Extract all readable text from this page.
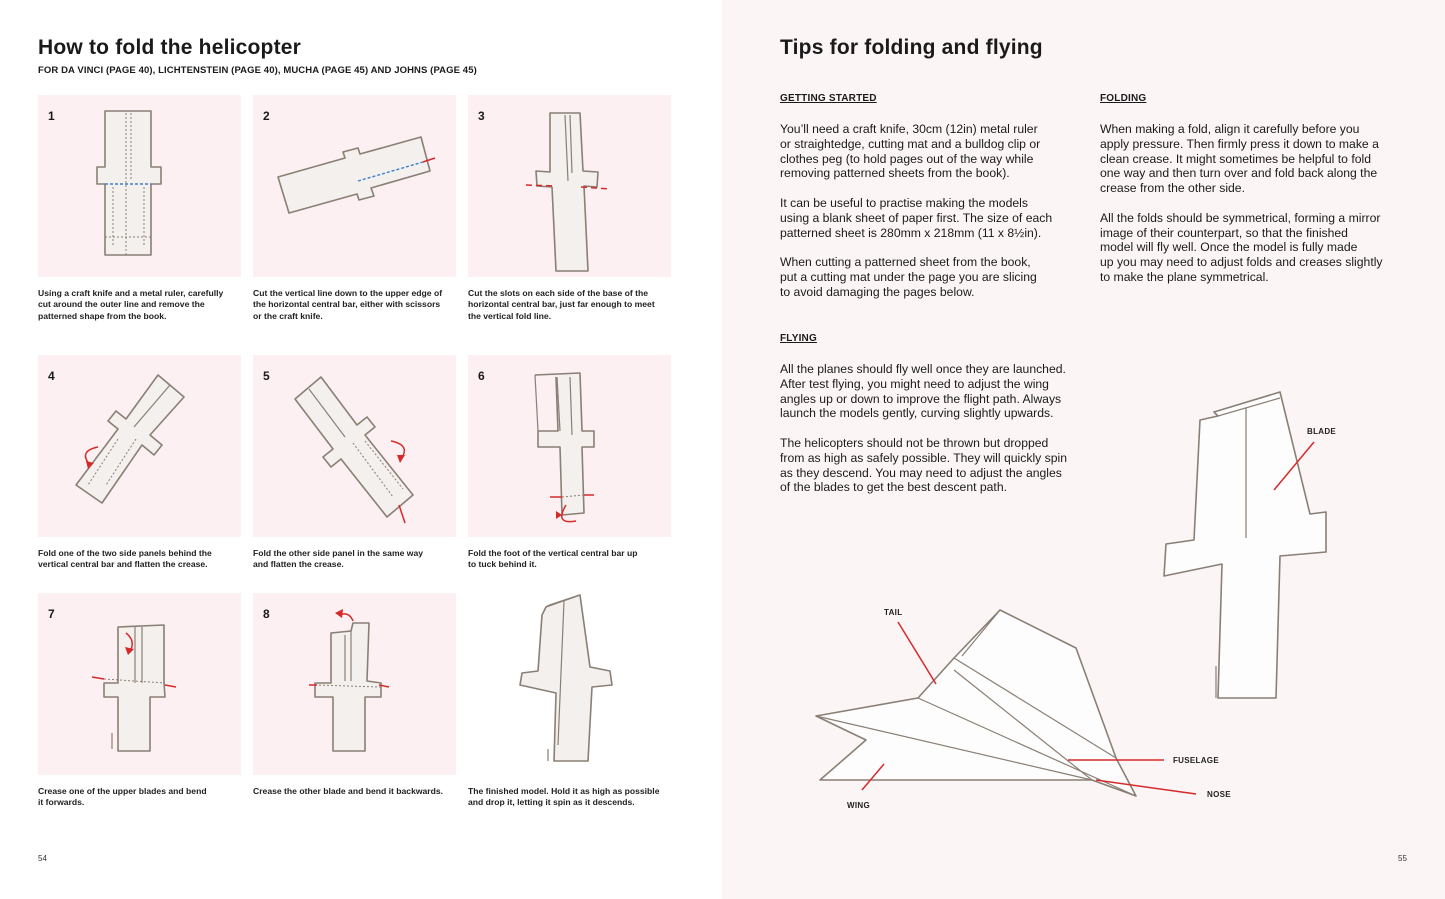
How to fold the helicopter
FOR DA VINCI (PAGE 40), LICHTENSTEIN (PAGE 40), MUCHA (PAGE 45) AND JOHNS (PAGE 45)
1
Using a craft knife and a metal ruler, carefully
cut around the outer line and remove the
patterned shape from the book.
2
Cut the vertical line down to the upper edge of
the horizontal central bar, either with scissors
or the craft knife.
3
Cut the slots on each side of the base of the
horizontal central bar, just far enough to meet
the vertical fold line.
4
Fold one of the two side panels behind the
vertical central bar and flatten the crease.
5
Fold the other side panel in the same way
and flatten the crease.
6
Fold the foot of the vertical central bar up
to tuck behind it.
7
Crease one of the upper blades and bend
it forwards.
8
Crease the other blade and bend it backwards.	The finished model. Hold it as high as possible
and drop it, letting it spin as it descends.
54
Tips for folding and flying
GETTING STARTED
You’ll need a craft knife, 30cm (12in) metal ruler
or straightedge, cutting mat and a bulldog clip or
clothes peg (to hold pages out of the way while
removing patterned sheets from the book).
It can be useful to practise making the models
using a blank sheet of paper first. The size of each
patterned sheet is 280mm x 218mm (11 x 8½in).
When cutting a patterned sheet from the book,
put a cutting mat under the page you are slicing
to avoid damaging the pages below.
FOLDING
When making a fold, align it carefully before you
apply pressure. Then firmly press it down to make a
clean crease. It might sometimes be helpful to fold
one way and then turn over and fold back along the
crease from the other side.
All the folds should be symmetrical, forming a mirror
image of their counterpart, so that the finished
model will fly well. Once the model is fully made
up you may need to adjust folds and creases slightly
to make the plane symmetrical.
FLYING
All the planes should fly well once they are launched.
After test flying, you might need to adjust the wing
angles up or down to improve the flight path. Always
launch the models gently, curving slightly upwards.
The helicopters should not be thrown but dropped
from as high as safely possible. They will quickly spin
as they descend. You may need to adjust the angles
of the blades to get the best descent path.
BLADE
TAIL
FUSELAGE
NOSE
WING
55
